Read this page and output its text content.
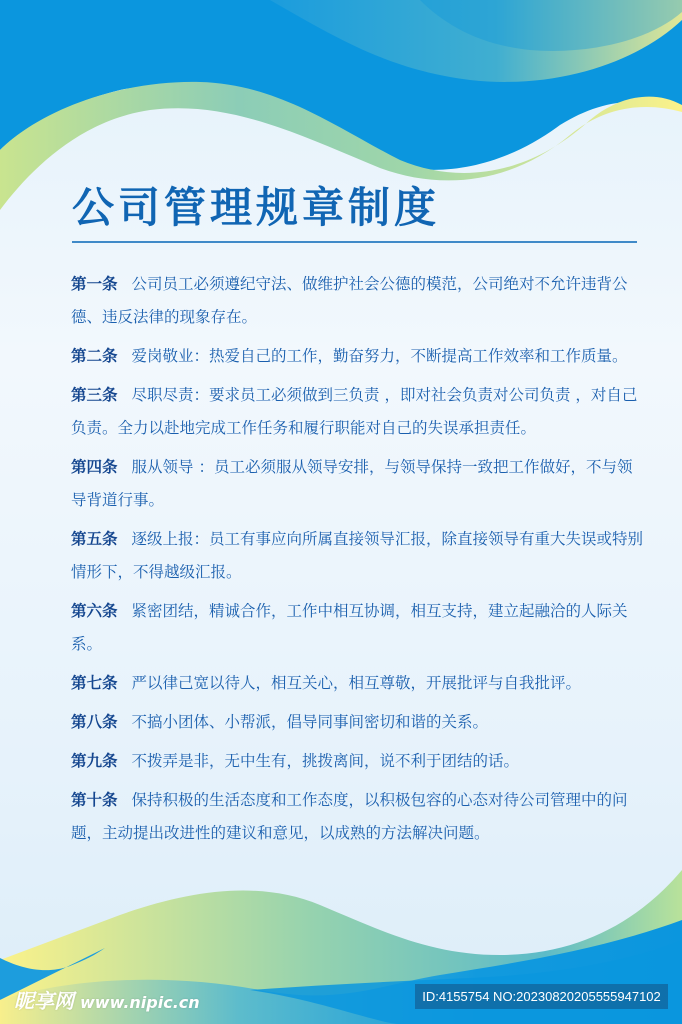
公司管理规章制度
第一条 公司员工必须遵纪守法、做维护社会公德的模范，公司绝对不允许违背公德、违反法律的现象存在。
第二条 爱岗敬业：热爱自己的工作，勤奋努力，不断提高工作效率和工作质量。
第三条 尽职尽责：要求员工必须做到三负责 ，即对社会负责对公司负责 ，对自己负责。全力以赴地完成工作任务和履行职能对自己的失误承担责任。
第四条 服从领导 ：员工必须服从领导安排，与领导保持一致把工作做好，不与领导背道行事。
第五条 逐级上报：员工有事应向所属直接领导汇报，除直接领导有重大失误或特别情形下，不得越级汇报。
第六条 紧密团结，精诚合作，工作中相互协调，相互支持，建立起融洽的人际关系。
第七条 严以律己宽以待人，相互关心，相互尊敬，开展批评与自我批评。
第八条 不搞小团体、小帮派，倡导同事间密切和谐的关系。
第九条 不拨弄是非，无中生有，挑拨离间，说不利于团结的话。
第十条 保持积极的生活态度和工作态度，以积极包容的心态对待公司管理中的问题，主动提出改进性的建议和意见，以成熟的方法解决问题。
昵享网 www.nipic.cn	ID:4155754 NO:20230820205555947102
